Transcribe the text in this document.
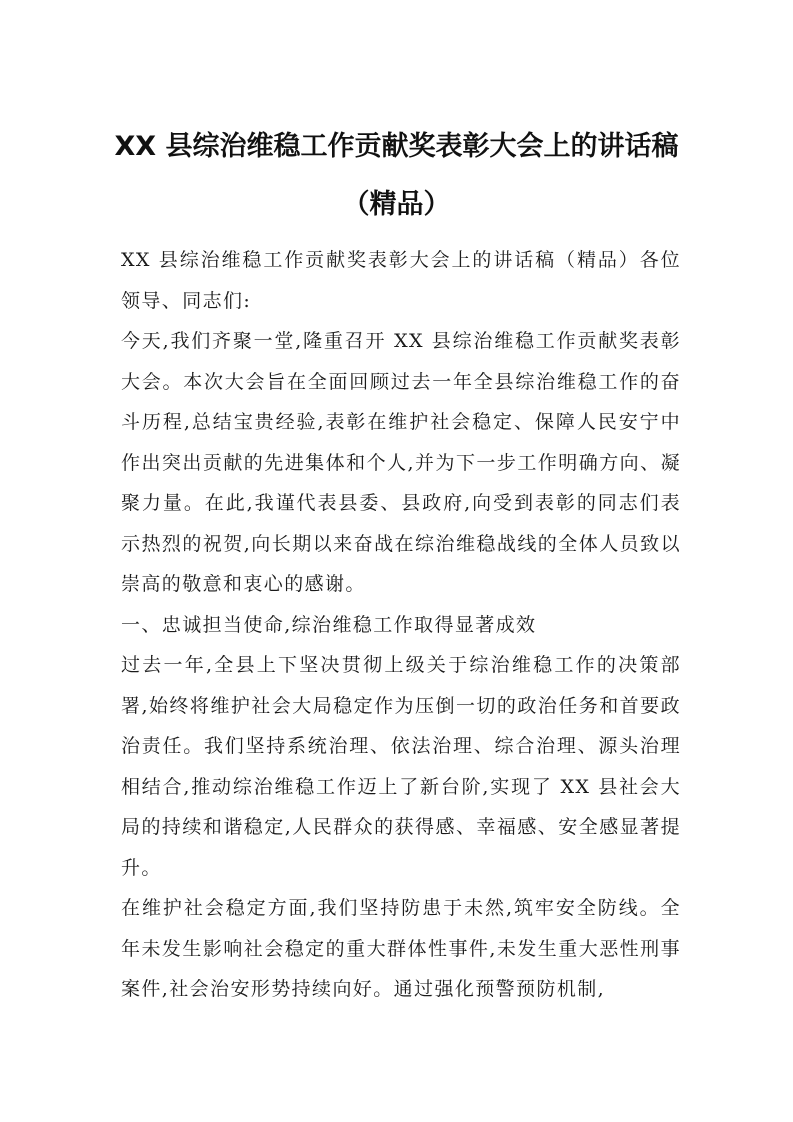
XX 县综治维稳工作贡献奖表彰大会上的讲话稿（精品）

XX 县综治维稳工作贡献奖表彰大会上的讲话稿（精品）各位领导、同志们:

今天,我们齐聚一堂,隆重召开 XX 县综治维稳工作贡献奖表彰大会。本次大会旨在全面回顾过去一年全县综治维稳工作的奋斗历程,总结宝贵经验,表彰在维护社会稳定、保障人民安宁中作出突出贡献的先进集体和个人,并为下一步工作明确方向、凝聚力量。在此,我谨代表县委、县政府,向受到表彰的同志们表示热烈的祝贺,向长期以来奋战在综治维稳战线的全体人员致以崇高的敬意和衷心的感谢。

一、忠诚担当使命,综治维稳工作取得显著成效

过去一年,全县上下坚决贯彻上级关于综治维稳工作的决策部署,始终将维护社会大局稳定作为压倒一切的政治任务和首要政治责任。我们坚持系统治理、依法治理、综合治理、源头治理相结合,推动综治维稳工作迈上了新台阶,实现了 XX 县社会大局的持续和谐稳定,人民群众的获得感、幸福感、安全感显著提升。

在维护社会稳定方面,我们坚持防患于未然,筑牢安全防线。全年未发生影响社会稳定的重大群体性事件,未发生重大恶性刑事案件,社会治安形势持续向好。通过强化预警预防机制,
